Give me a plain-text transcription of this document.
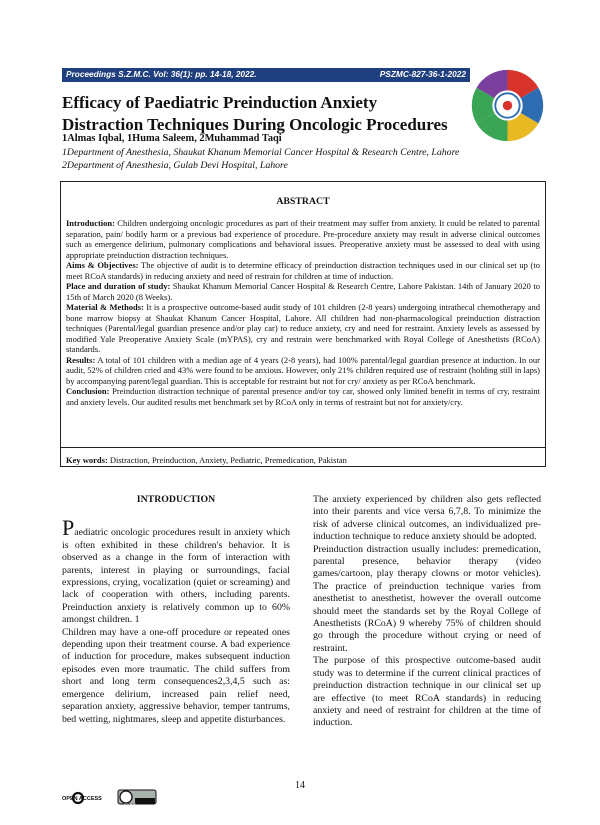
Proceedings S.Z.M.C. Vol: 36(1): pp. 14-18, 2022.	PSZMC-827-36-1-2022
Efficacy of Paediatric Preinduction Anxiety
Distraction Techniques During Oncologic Procedures
1Almas Iqbal, 1Huma Saleem, 2Muhammad Taqi
1Department of Anesthesia, Shaukat Khanum Memorial Cancer Hospital & Research Centre, Lahore
2Department of Anesthesia, Gulab Devi Hospital, Lahore
ABSTRACT

Introduction: Children undergoing oncologic procedures as part of their treatment may suffer from anxiety. It could be related to parental separation, pain/ bodily harm or a previous bad experience of procedure. Pre-procedure anxiety may result in adverse clinical outcomes such as emergence delirium, pulmonary complications and behavioral issues. Preoperative anxiety must be assessed to deal with using appropriate preinduction distraction techniques.

Aims & Objectives: The objective of audit is to determine efficacy of preinduction distraction techniques used in our clinical set up (to meet RCoA standards) in reducing anxiety and need of restrain for children at time of induction.

Place and duration of study: Shaukat Khanum Memorial Cancer Hospital & Research Centre, Lahore Pakistan. 14th of January 2020 to 15th of March 2020 (8 Weeks).

Material & Methods: It is a prospective outcome-based audit study of 101 children (2-8 years) undergoing intrathecal chemotherapy and bone marrow biopsy at Shaukat Khanum Cancer Hospital, Lahore. All children had non-pharmacological preinduction distraction techniques (Parental/legal guardian presence and/or play car) to reduce anxiety, cry and need for restraint. Anxiety levels as assessed by modified Yale Preoperative Anxiety Scale (mYPAS), cry and restrain were benchmarked with Royal College of Anesthetists (RCoA) standards.

Results: A total of 101 children with a median age of 4 years (2-8 years), had 100% parental/legal guardian presence at induction. In our audit, 52% of children cried and 43% were found to be anxious. However, only 21% children required use of restraint (holding still in laps) by accompanying parent/legal guardian. This is acceptable for restraint but not for cry/ anxiety as per RCoA benchmark.

Conclusion: Preinduction distraction technique of parental presence and/or toy car, showed only limited benefit in terms of cry, restraint and anxiety levels. Our audited results met benchmark set by RCoA only in terms of restraint but not for anxiety/cry.

Key words: Distraction, Preinduction, Anxiety, Pediatric, Premedication, Pakistan

INTRODUCTION

Paediatric oncologic procedures result in anxiety which is often exhibited in these children's behavior. It is observed as a change in the form of interaction with parents, interest in playing or surroundings, facial expressions, crying, vocalization (quiet or screaming) and lack of cooperation with others, including parents. Preinduction anxiety is relatively common up to 60% amongst children. 1

Children may have a one-off procedure or repeated ones depending upon their treatment course. A bad experience of induction for procedure, makes subsequent induction episodes even more traumatic. The child suffers from short and long term consequences2,3,4,5 such as: emergence delirium, increased pain relief need, separation anxiety, aggressive behavior, temper tantrums, bed wetting, nightmares, sleep and appetite disturbances.

The anxiety experienced by children also gets reflected into their parents and vice versa 6,7,8. To minimize the risk of adverse clinical outcomes, an individualized pre-induction technique to reduce anxiety should be adopted.

Preinduction distraction usually includes: premedication, parental presence, behavior therapy (video games/cartoon, play therapy clowns or motor vehicles). The practice of preinduction technique varies from anesthetist to anesthetist, however the overall outcome should meet the standards set by the Royal College of Anesthetists (RCoA) 9 whereby 75% of children should go through the procedure without crying or need of restraint.

The purpose of this prospective outcome-based audit study was to determine if the current clinical practices of preinduction distraction technique in our clinical set up are effective (to meet RCoA standards) in reducing anxiety and need of restraint for children at the time of induction.

OPEN ACCESS
cc BY
14
